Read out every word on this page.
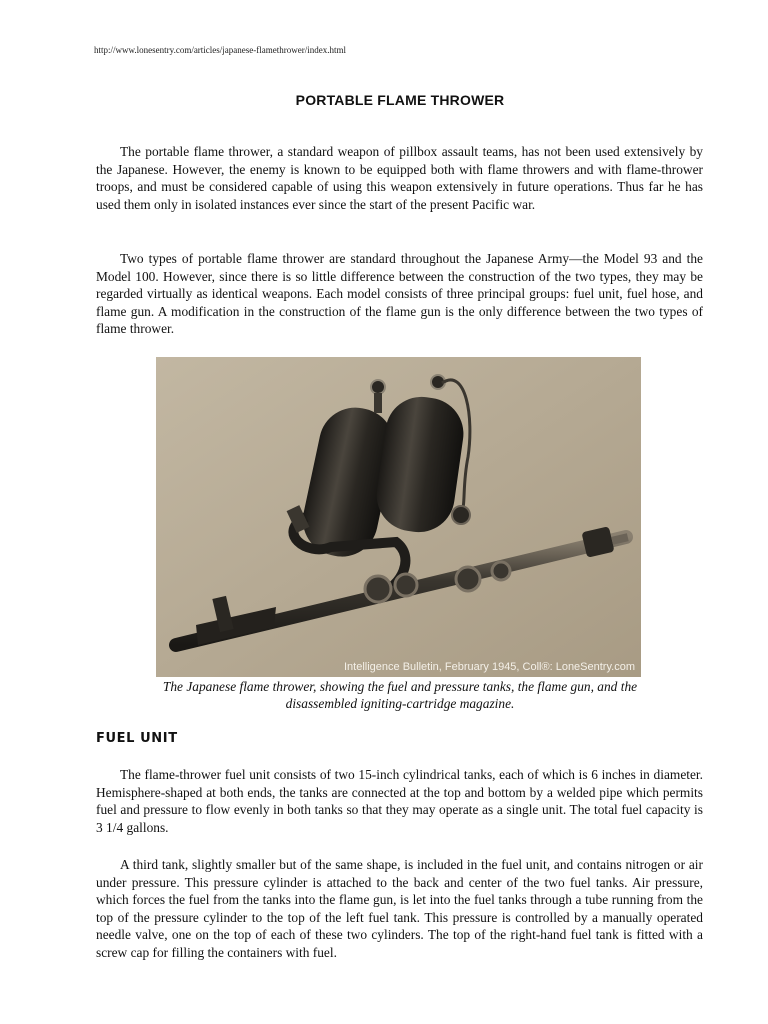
http://www.lonesentry.com/articles/japanese-flamethrower/index.html
PORTABLE FLAME THROWER

The portable flame thrower, a standard weapon of pillbox assault teams, has not been used extensively by the Japanese. However, the enemy is known to be equipped both with flame throwers and with flame-thrower troops, and must be considered capable of using this weapon extensively in future operations. Thus far he has used them only in isolated instances ever since the start of the present Pacific war.

Two types of portable flame thrower are standard throughout the Japanese Army—the Model 93 and the Model 100. However, since there is so little difference between the construction of the two types, they may be regarded virtually as identical weapons. Each model consists of three principal groups: fuel unit, fuel hose, and flame gun. A modification in the construction of the flame gun is the only difference between the two types of flame thrower.

Intelligence Bulletin, February 1945, Coll®: LoneSentry.com
The Japanese flame thrower, showing the fuel and pressure tanks, the flame gun, and the disassembled igniting-cartridge magazine.
FUEL UNIT

The flame-thrower fuel unit consists of two 15-inch cylindrical tanks, each of which is 6 inches in diameter. Hemisphere-shaped at both ends, the tanks are connected at the top and bottom by a welded pipe which permits fuel and pressure to flow evenly in both tanks so that they may operate as a single unit. The total fuel capacity is 3 1/4 gallons.

A third tank, slightly smaller but of the same shape, is included in the fuel unit, and contains nitrogen or air under pressure. This pressure cylinder is attached to the back and center of the two fuel tanks. Air pressure, which forces the fuel from the tanks into the flame gun, is let into the fuel tanks through a tube running from the top of the pressure cylinder to the top of the left fuel tank. This pressure is controlled by a manually operated needle valve, one on the top of each of these two cylinders. The top of the right-hand fuel tank is fitted with a screw cap for filling the containers with fuel.
